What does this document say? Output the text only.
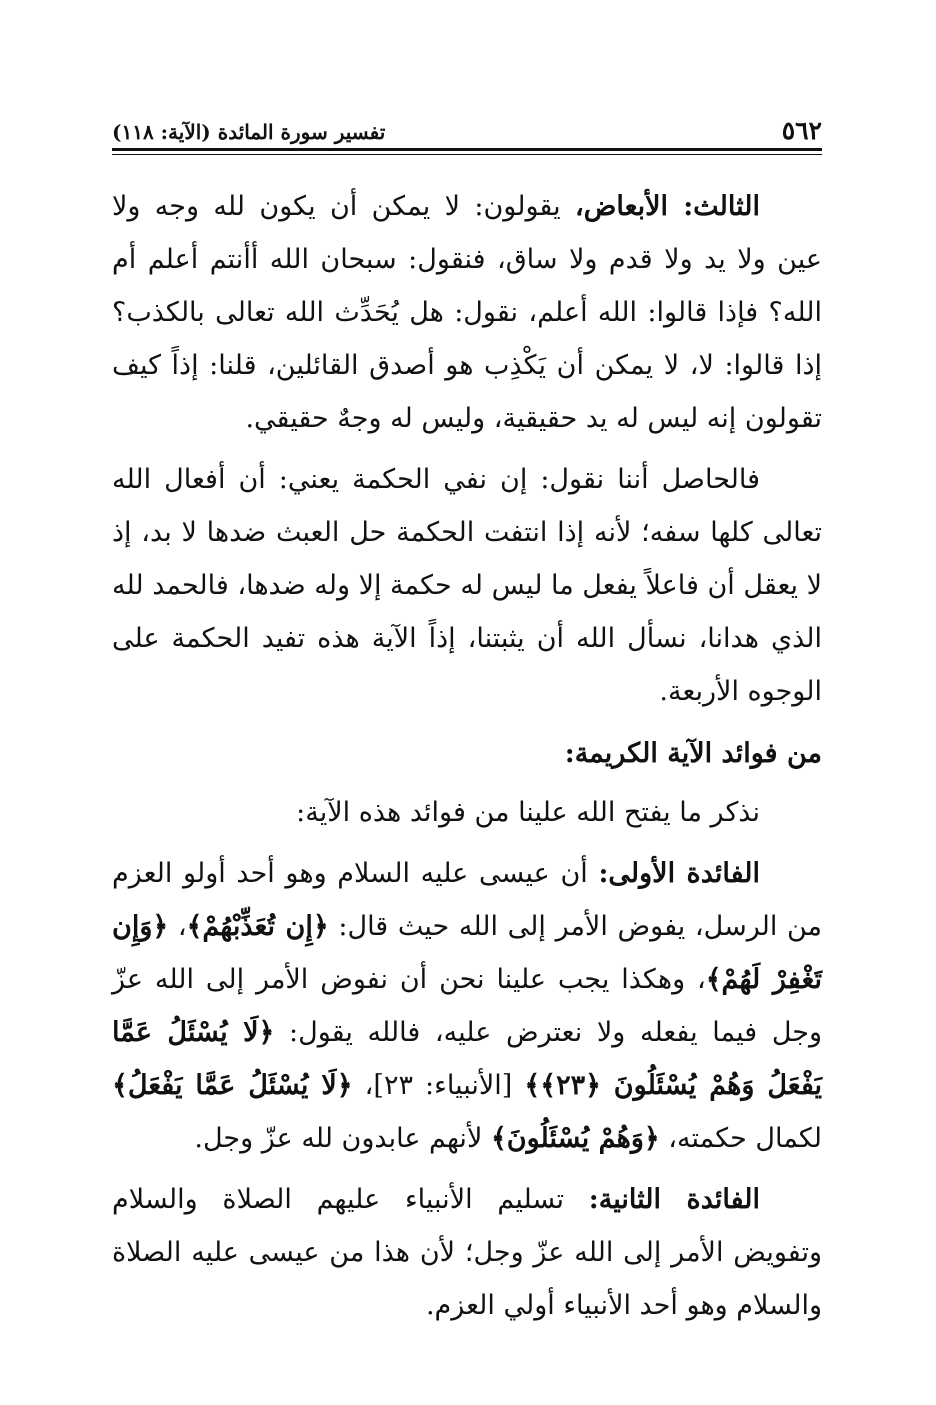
٥٦٢
تفسير سورة المائدة (الآية: ١١٨)

الثالث: الأبعاض، يقولون: لا يمكن أن يكون لله وجه ولا عين ولا يد ولا قدم ولا ساق، فنقول: سبحان الله أأنتم أعلم أم الله؟ فإذا قالوا: الله أعلم، نقول: هل يُحَدِّث الله تعالى بالكذب؟ إذا قالوا: لا، لا يمكن أن يَكْذِب هو أصدق القائلين، قلنا: إذاً كيف تقولون إنه ليس له يد حقيقية، وليس له وجهٌ حقيقي.

فالحاصل أننا نقول: إن نفي الحكمة يعني: أن أفعال الله تعالى كلها سفه؛ لأنه إذا انتفت الحكمة حل العبث ضدها لا بد، إذ لا يعقل أن فاعلاً يفعل ما ليس له حكمة إلا وله ضدها، فالحمد لله الذي هدانا، نسأل الله أن يثبتنا، إذاً الآية هذه تفيد الحكمة على الوجوه الأربعة.

من فوائد الآية الكريمة:

نذكر ما يفتح الله علينا من فوائد هذه الآية:

الفائدة الأولى: أن عيسى عليه السلام وهو أحد أولو العزم من الرسل، يفوض الأمر إلى الله حيث قال: ﴿إِن تُعَذِّبْهُمْ﴾، ﴿وَإِن تَغْفِرْ لَهُمْ﴾، وهكذا يجب علينا نحن أن نفوض الأمر إلى الله عزّ وجل فيما يفعله ولا نعترض عليه، فالله يقول: ﴿لَا يُسْئَلُ عَمَّا يَفْعَلُ وَهُمْ يُسْئَلُونَ ﴿٢٣﴾﴾ [الأنبياء: ٢٣]، ﴿لَا يُسْئَلُ عَمَّا يَفْعَلُ﴾ لكمال حكمته، ﴿وَهُمْ يُسْئَلُونَ﴾ لأنهم عابدون لله عزّ وجل.

الفائدة الثانية: تسليم الأنبياء عليهم الصلاة والسلام وتفويض الأمر إلى الله عزّ وجل؛ لأن هذا من عيسى عليه الصلاة والسلام وهو أحد الأنبياء أولي العزم.
